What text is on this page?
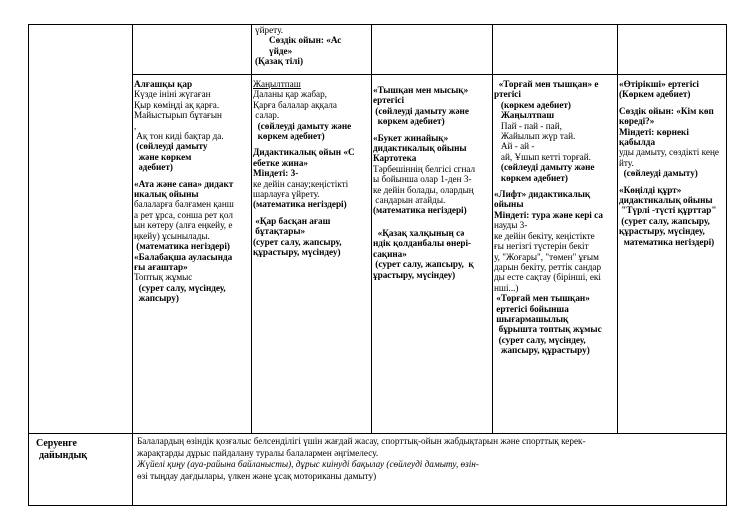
үйрету.

Сөздік ойын: «Ас

үйде»

(Қазақ тілі)

Алғашқы қар

Күзде ініні жүгаған

Қыр көміңді ақ қарға.

Майыстырып бұтағын

,

Ақ тон киді бақтар да.

(сөйлеуді дамыту

және көркем

әдебиет)

«Ата және сана» дидакт

икалық ойыны

балаларға балғамен қанш

а рет ұрса, сонша рет қол

ын көтеру (алға еңкейу, е

ңкейу) ұсынылады.

(математика негіздері)

«Балабақша ауласында

ғы ағаштар»

Топтық жұмыс

(сурет салу, мүсіндеу,

жапсыру)

Жаңылтпаш

Даланы қар жабар,

Қарға балалар аққала

салар.

(сөйлеуді дамыту және

көркем әдебиет)

Дидактикалық ойын «С

ебетке жина»

Міндеті: 3-

ке дейін санау;кеңістікті

шарлауға үйрету.

(математика негіздері)

«Қар басқан ағаш

бұтақтары»

(сурет салу, жапсыру,

құрастыру, мүсіндеу)

«Тышқан мен мысық»

ертегісі

(сөйлеуді дамыту және

көркем әдебиет)

«Букет жинайық»

дидактикалық ойыны

Картотека

Тәрбешіннің белгісі сгнал

ы бойынша олар 1-ден 3-

ке дейін болады, олардың

сандарын атайды.

(математика негіздері)

«Қазақ халқының сә

ндік қолданбалы өнері-

сақина»

(сурет салу, жапсыру,  қ

ұрастыру, мүсіндеу)

«Торғай мен тышқан» е

ртегісі

(көркем әдебиет)

Жаңылтпаш

Пай - пай - пай,

Жайылып жүр тай.

Ай - ай -

ай, Ұшып кетті торғай.

(сөйлеуді дамыту және

көркем әдебиет)

«Лифт» дидактикалық

ойыны

Міндеті: тура және кері са

науды 3-

ке дейін бекіту, кеңістікте

ғы негізгі түстерін бекіт

у, "Жоғары", "төмен" ұғым

дарын бекіту, реттік сандар

ды есте сақтау (бірінші, екі

нші...)

«Торғай мен тышқан»

ертегісі бойынша

шығармашылық

бұрышта топтық жұмыс

(сурет салу, мүсіндеу,

жапсыру, құрастыру)

«Өтірікші» ертегісі

(Көркем әдебиет)

Сөздік ойын: «Кім көп

көреді?»

Міндеті: көрнекі қабылда

уды дамыту, сөздікті кеңе

йту.

(сөйлеуді дамыту)

«Көңілді құрт»

дидактикалық ойыны

"Түрлі -түсті құрттар"

(сурет салу, жапсыру,

құрастыру, мүсіндеу,

математика негіздері)

Серуенге

дайындық

Балалардың өзіндік қозғалыс белсенділігі үшін жағдай жасау, спорттық-ойын жабдықтарын және спорттық керек-

жарақтарды дұрыс пайдалану туралы балалармен әңгімелесу.

Жүйелі қиңу (ауа-райына байланысты), дұрыс киінуді бақылау (сөйлеуді дамыту, өзін-

өзі тыңдау дағдылары, үлкен және ұсақ моториканы дамыту)
